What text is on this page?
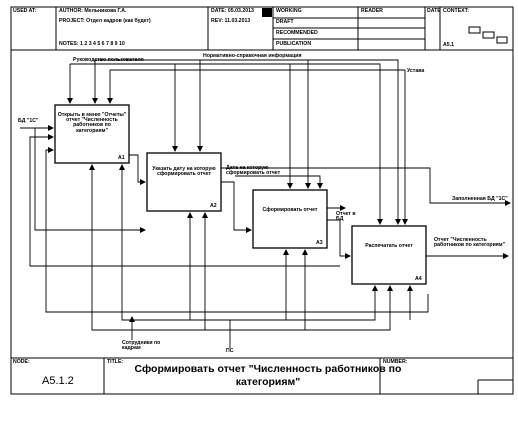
USED AT:	AUTHOR: Мельникова Г.А.
PROJECT: Отдел кадров (как будет)
NOTES: 1 2 3 4 5 6 7 8 9 10
DATE: 05.03.2013
REV: 11.03.2013
WORKING
DRAFT
RECOMMENDED
PUBLICATION
READER	DATE CONTEXT:
A5.1
Открыть в меню "Отчеты" отчет "Численность работников по категориям"
А1
Указать дату на которую сформировать отчет
А2
Сформировать отчет
А3	Распечатать отчет
А4
Руководство пользователя
Нормативно-справочная информация
Устава
БД "1С"
Дата на которую сформировать отчет
Отчет в БД
Заполненная БД "1С"
Отчет "Численность работников по категориям"
Сотрудники по кадрам	ПС
NODE:
А5.1.2
TITLE:
Сформировать отчет "Численность работников по категориям"
NUMBER:
